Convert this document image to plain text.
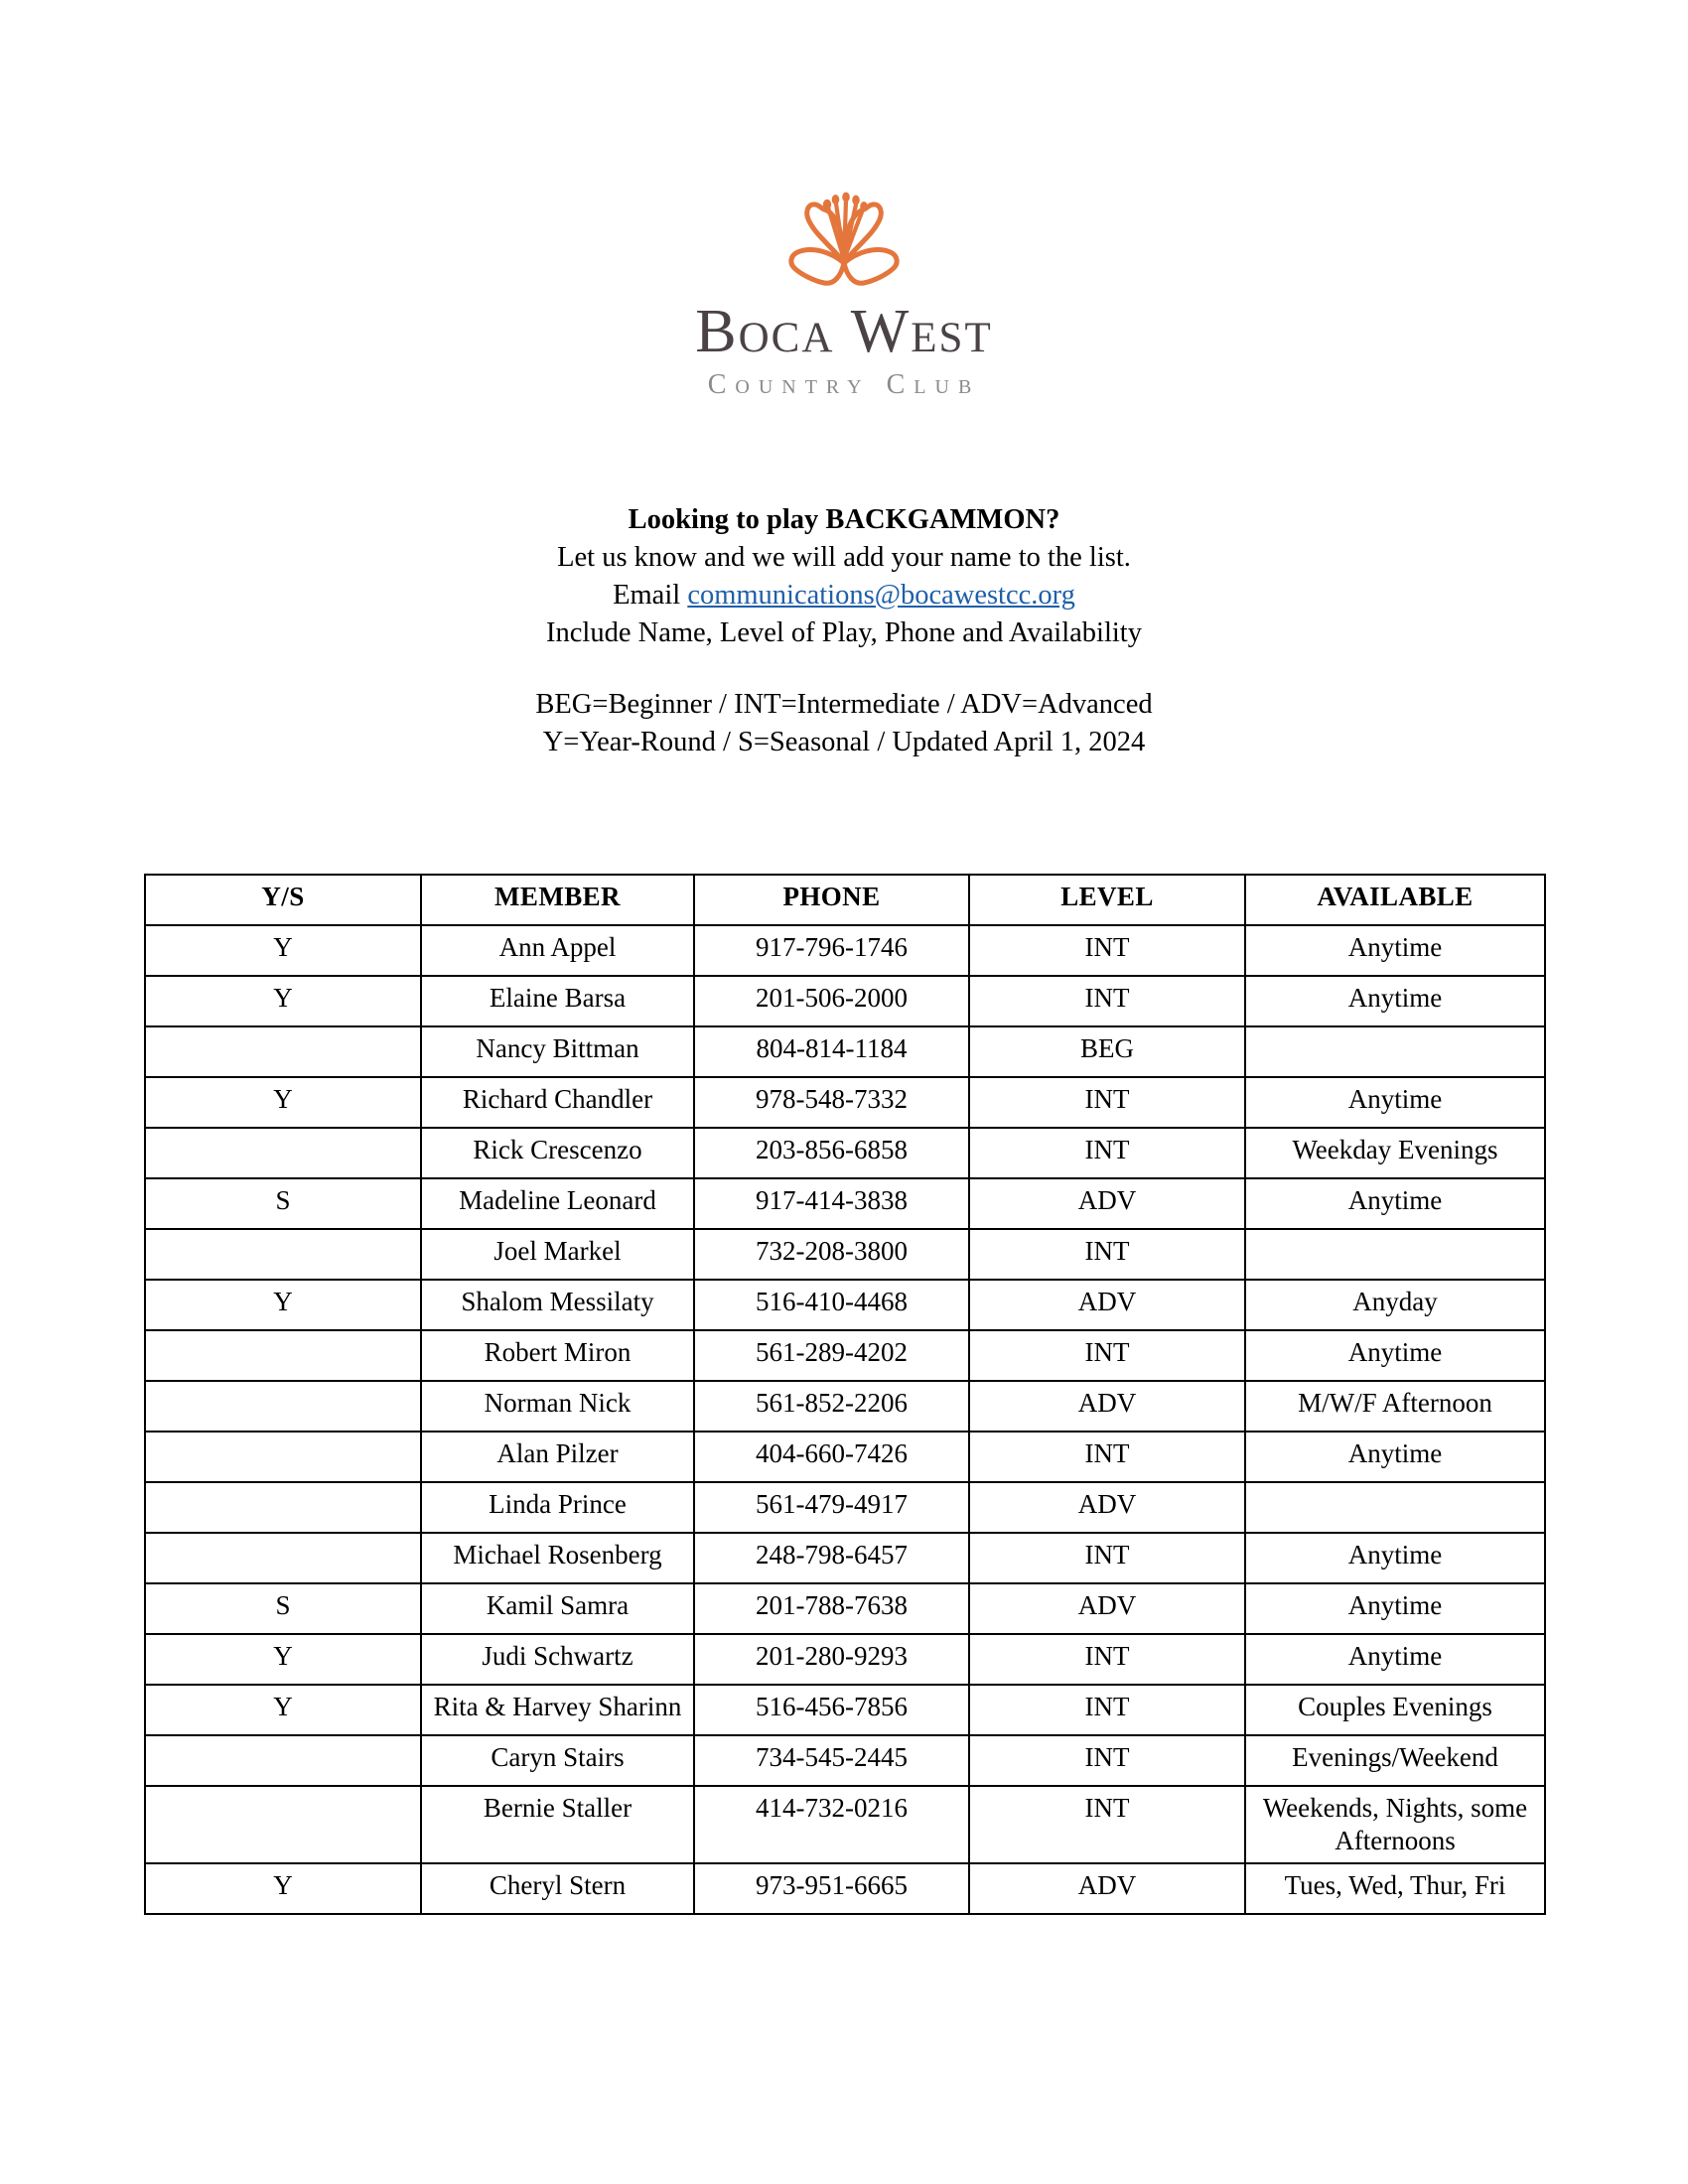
Boca West
Country Club
Looking to play BACKGAMMON?
Let us know and we will add your name to the list.
Email communications@bocawestcc.org
Include Name, Level of Play, Phone and Availability
BEG=Beginner / INT=Intermediate / ADV=Advanced
Y=Year-Round / S=Seasonal / Updated April 1, 2024
Y/S	MEMBER	PHONE	LEVEL	AVAILABLE
Y	Ann Appel	917-796-1746	INT	Anytime
Y	Elaine Barsa	201-506-2000	INT	Anytime
	Nancy Bittman	804-814-1184	BEG	
Y	Richard Chandler	978-548-7332	INT	Anytime
	Rick Crescenzo	203-856-6858	INT	Weekday Evenings
S	Madeline Leonard	917-414-3838	ADV	Anytime
	Joel Markel	732-208-3800	INT	
Y	Shalom Messilaty	516-410-4468	ADV	Anyday
	Robert Miron	561-289-4202	INT	Anytime
	Norman Nick	561-852-2206	ADV	M/W/F Afternoon
	Alan Pilzer	404-660-7426	INT	Anytime
	Linda Prince	561-479-4917	ADV	
	Michael Rosenberg	248-798-6457	INT	Anytime
S	Kamil Samra	201-788-7638	ADV	Anytime
Y	Judi Schwartz	201-280-9293	INT	Anytime
Y	Rita & Harvey Sharinn	516-456-7856	INT	Couples Evenings
	Caryn Stairs	734-545-2445	INT	Evenings/Weekend
	Bernie Staller	414-732-0216	INT	Weekends, Nights, some Afternoons
Y	Cheryl Stern	973-951-6665	ADV	Tues, Wed, Thur, Fri
